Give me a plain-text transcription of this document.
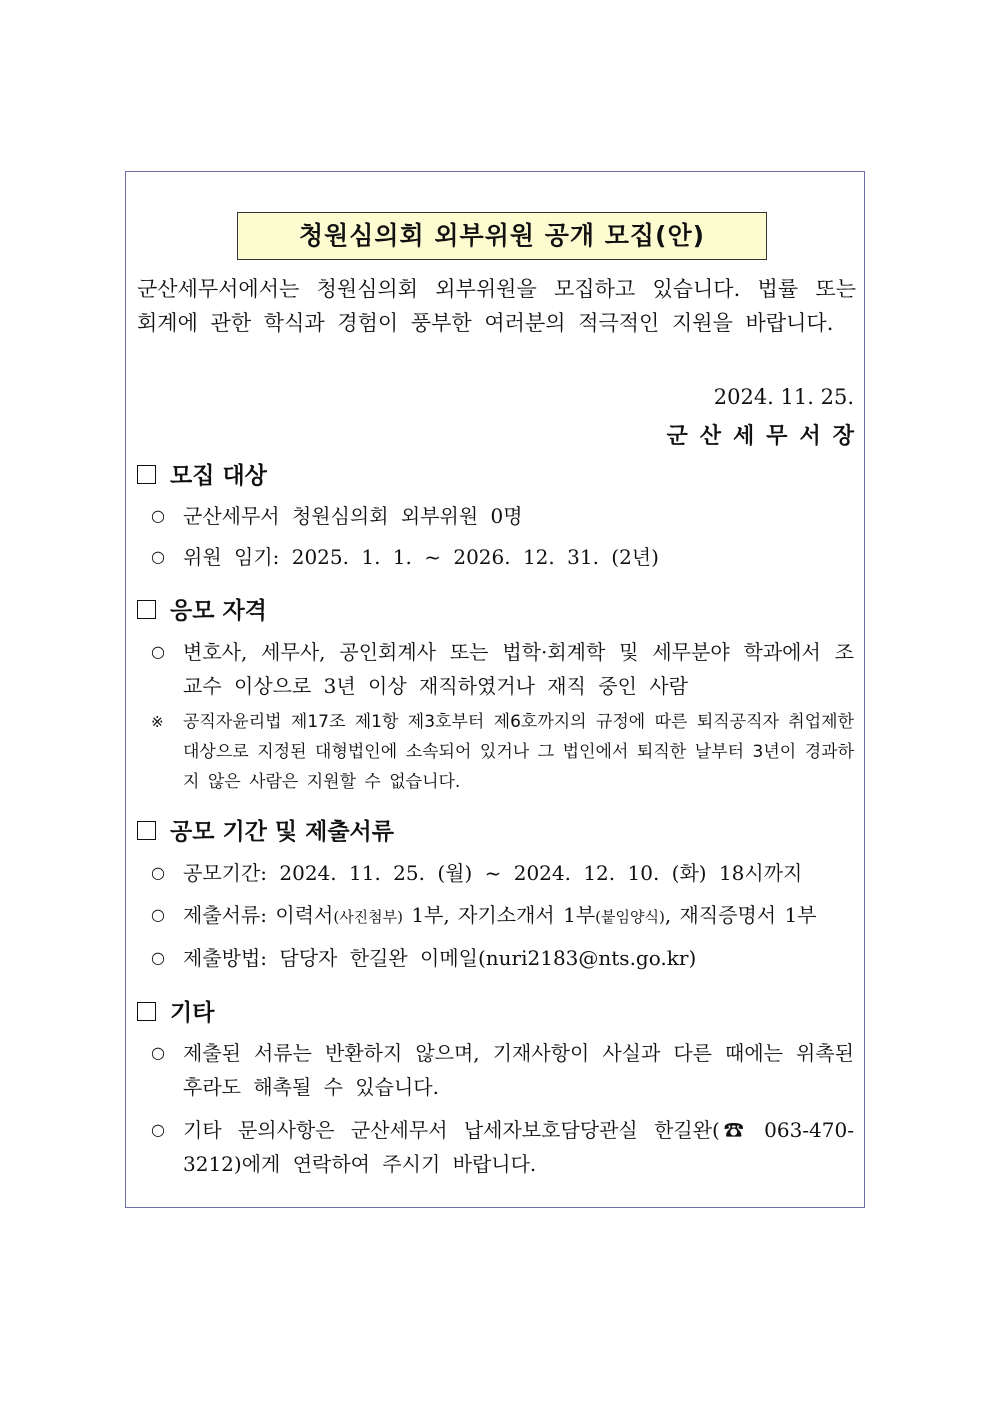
청원심의회 외부위원 공개 모집(안)

군산세무서에서는 청원심의회 외부위원을 모집하고 있습니다. 법률 또는 회계에 관한 학식과 경험이 풍부한 여러분의 적극적인 지원을 바랍니다.

2024. 11. 25.

군산세무서장

모집 대상
○ 군산세무서 청원심의회 외부위원 0명
○ 위원 임기: 2025. 1. 1. ~ 2026. 12. 31. (2년)
응모 자격
○ 변호사, 세무사, 공인회계사 또는 법학·회계학 및 세무분야 학과에서 조교수 이상으로 3년 이상 재직하였거나 재직 중인 사람
※ 공직자윤리법 제17조 제1항 제3호부터 제6호까지의 규정에 따른 퇴직공직자 취업제한 대상으로 지정된 대형법인에 소속되어 있거나 그 법인에서 퇴직한 날부터 3년이 경과하지 않은 사람은 지원할 수 없습니다.
공모 기간 및 제출서류
○ 공모기간: 2024. 11. 25. (월) ~ 2024. 12. 10. (화) 18시까지
○ 제출서류: 이력서(사진첨부) 1부, 자기소개서 1부(붙임양식), 재직증명서 1부
○ 제출방법: 담당자 한길완 이메일(nuri2183@nts.go.kr)
기타
○ 제출된 서류는 반환하지 않으며, 기재사항이 사실과 다른 때에는 위촉된 후라도 해촉될 수 있습니다.
○ 기타 문의사항은 군산세무서 납세자보호담당관실 한길완(☎ 063-470-3212)에게 연락하여 주시기 바랍니다.
